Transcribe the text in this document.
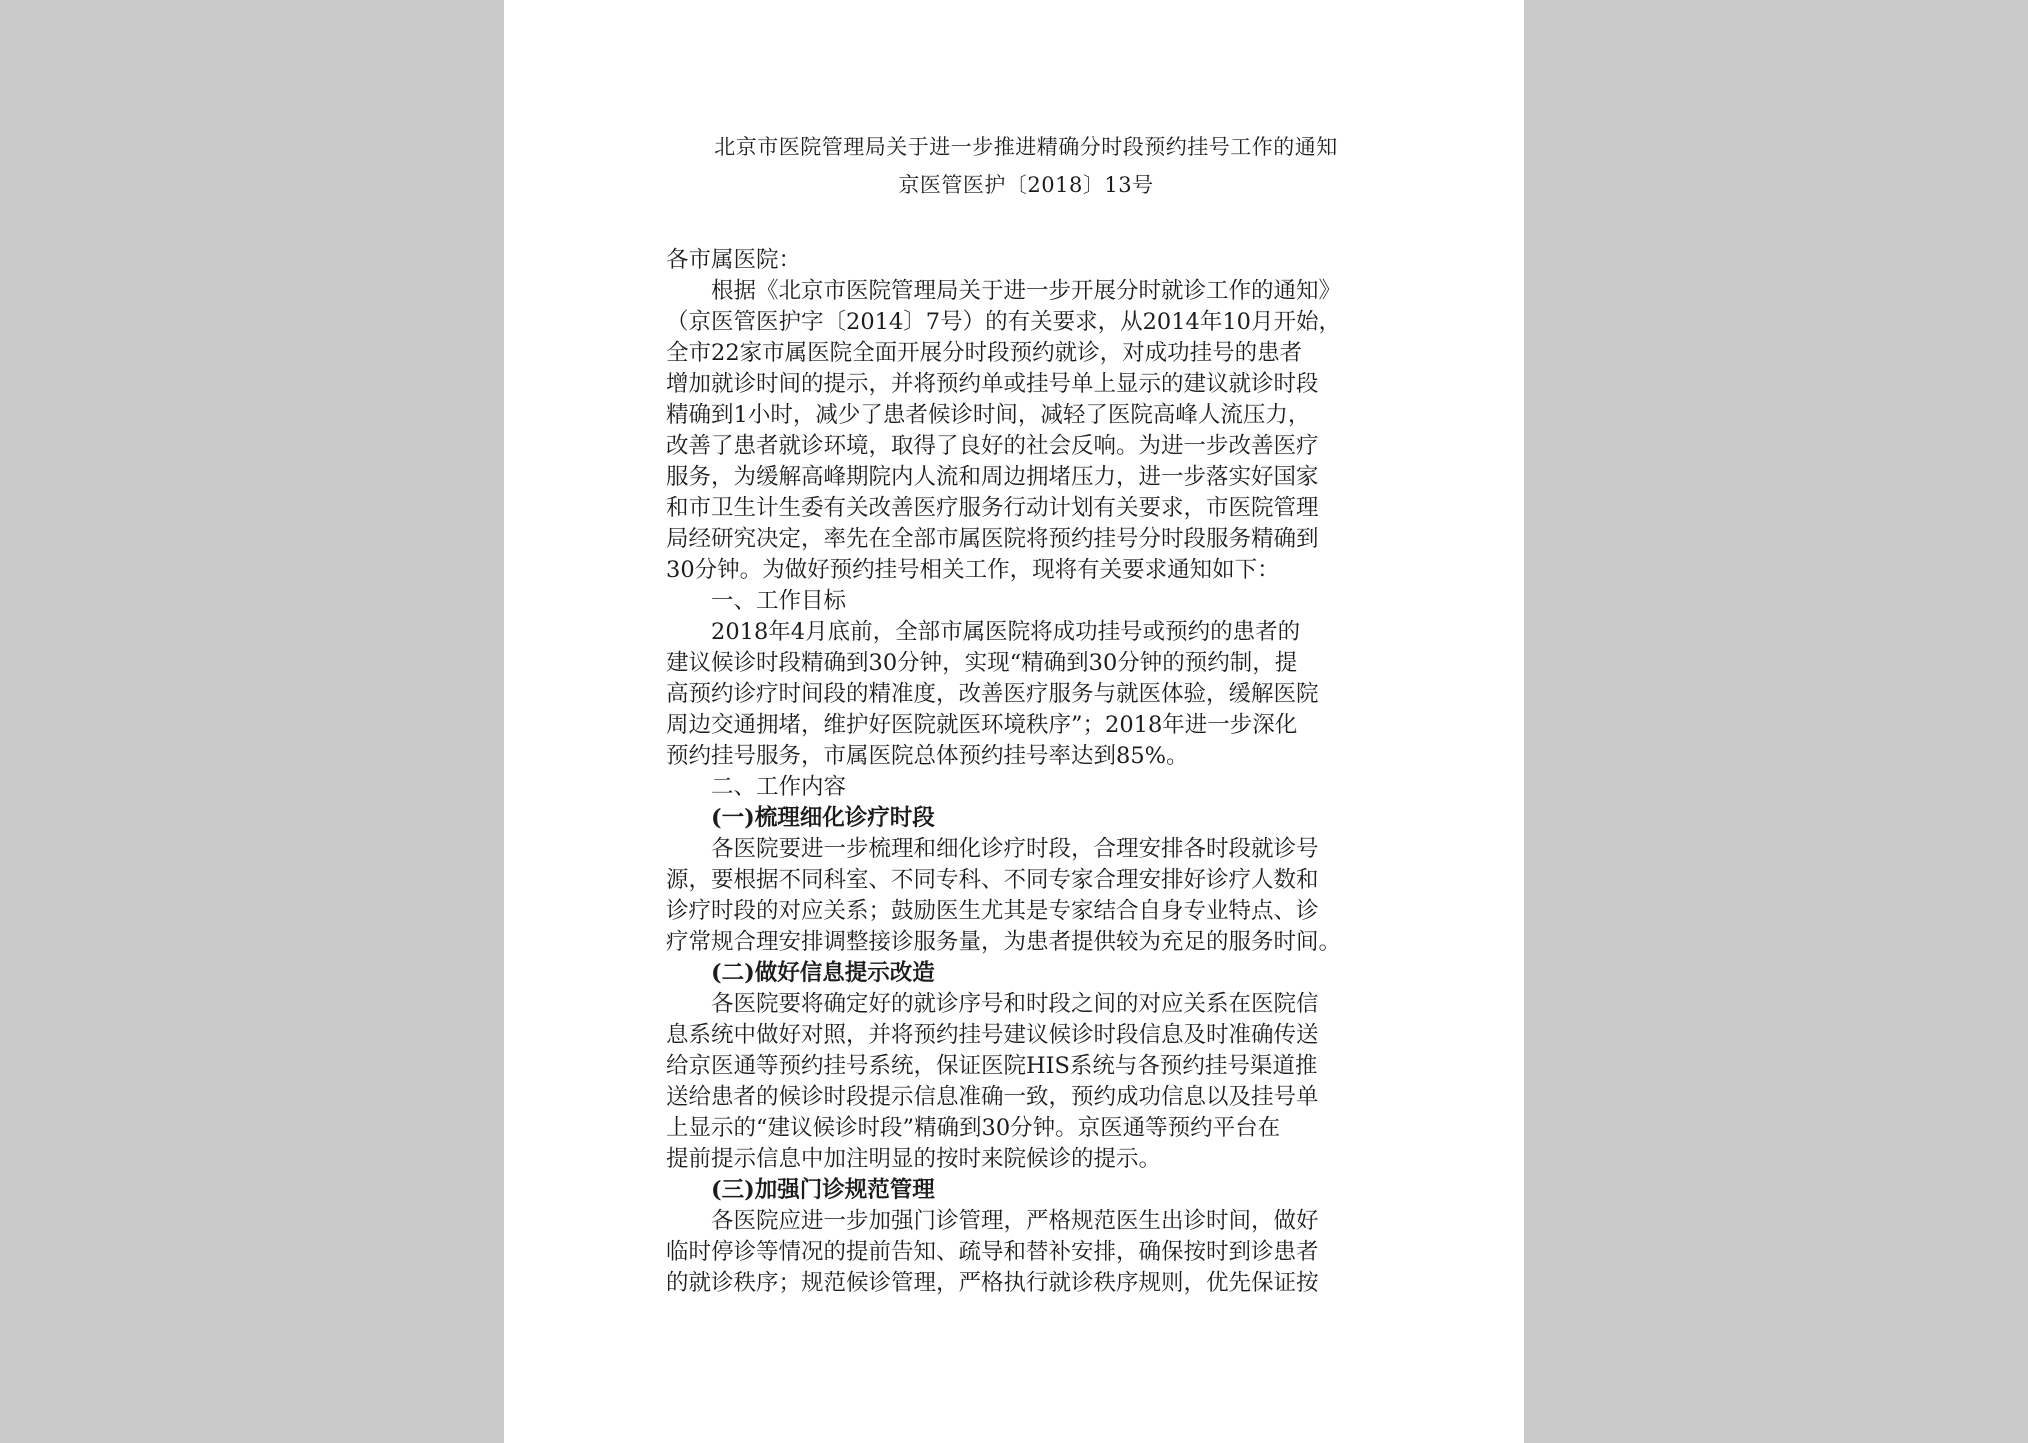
北京市医院管理局关于进一步推进精确分时段预约挂号工作的通知
京医管医护〔2018〕13号
各市属医院：
根据《北京市医院管理局关于进一步开展分时就诊工作的通知》
（京医管医护字〔2014〕7号）的有关要求，从2014年10月开始，
全市22家市属医院全面开展分时段预约就诊，对成功挂号的患者
增加就诊时间的提示，并将预约单或挂号单上显示的建议就诊时段
精确到1小时，减少了患者候诊时间，减轻了医院高峰人流压力，
改善了患者就诊环境，取得了良好的社会反响。为进一步改善医疗
服务，为缓解高峰期院内人流和周边拥堵压力，进一步落实好国家
和市卫生计生委有关改善医疗服务行动计划有关要求，市医院管理
局经研究决定，率先在全部市属医院将预约挂号分时段服务精确到
30分钟。为做好预约挂号相关工作，现将有关要求通知如下：
一、工作目标
2018年4月底前，全部市属医院将成功挂号或预约的患者的
建议候诊时段精确到30分钟，实现“精确到30分钟的预约制，提
高预约诊疗时间段的精准度，改善医疗服务与就医体验，缓解医院
周边交通拥堵，维护好医院就医环境秩序”；2018年进一步深化
预约挂号服务，市属医院总体预约挂号率达到85%。
二、工作内容
(一)梳理细化诊疗时段
各医院要进一步梳理和细化诊疗时段，合理安排各时段就诊号
源，要根据不同科室、不同专科、不同专家合理安排好诊疗人数和
诊疗时段的对应关系；鼓励医生尤其是专家结合自身专业特点、诊
疗常规合理安排调整接诊服务量，为患者提供较为充足的服务时间。
(二)做好信息提示改造
各医院要将确定好的就诊序号和时段之间的对应关系在医院信
息系统中做好对照，并将预约挂号建议候诊时段信息及时准确传送
给京医通等预约挂号系统，保证医院HIS系统与各预约挂号渠道推
送给患者的候诊时段提示信息准确一致，预约成功信息以及挂号单
上显示的“建议候诊时段”精确到30分钟。京医通等预约平台在
提前提示信息中加注明显的按时来院候诊的提示。
(三)加强门诊规范管理
各医院应进一步加强门诊管理，严格规范医生出诊时间，做好
临时停诊等情况的提前告知、疏导和替补安排，确保按时到诊患者
的就诊秩序；规范候诊管理，严格执行就诊秩序规则，优先保证按
